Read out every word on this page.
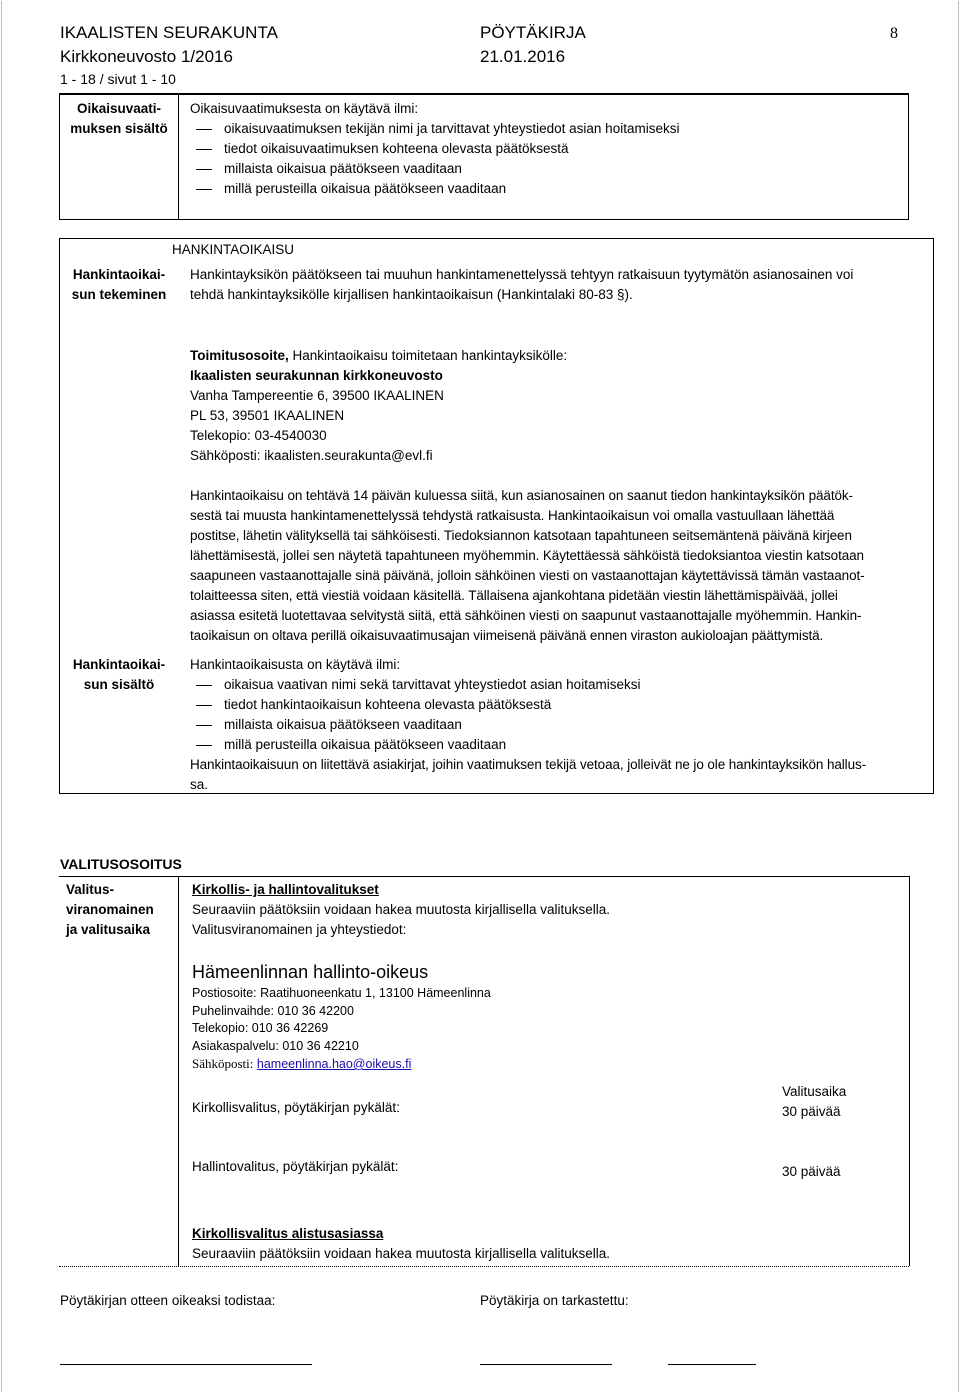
IKAALISTEN SEURAKUNTA	PÖYTÄKIRJA	8
Kirkkoneuvosto 1/2016	21.01.2016
1 - 18 / sivut 1 - 10
Oikaisuvaati-
muksen sisältö
Oikaisuvaatimuksesta on käytävä ilmi:
oikaisuvaatimuksen tekijän nimi ja tarvittavat yhteystiedot asian hoitamiseksi
tiedot oikaisuvaatimuksen kohteena olevasta päätöksestä
millaista oikaisua päätökseen vaaditaan
millä perusteilla oikaisua päätökseen vaaditaan
HANKINTAOIKAISU
Hankintaoikai-
sun tekeminen
Hankintayksikön päätökseen tai muuhun hankintamenettelyssä tehtyyn ratkaisuun tyytymätön asianosainen voi
tehdä hankintayksikölle kirjallisen hankintaoikaisun (Hankintalaki 80-83 §).
Toimitusosoite, Hankintaoikaisu toimitetaan hankintayksikölle:
Ikaalisten seurakunnan kirkkoneuvosto
Vanha Tampereentie 6, 39500 IKAALINEN
PL 53, 39501 IKAALINEN
Telekopio: 03-4540030
Sähköposti: ikaalisten.seurakunta@evl.fi
Hankintaoikaisu on tehtävä 14 päivän kuluessa siitä, kun asianosainen on saanut tiedon hankintayksikön päätök-
sestä tai muusta hankintamenettelyssä tehdystä ratkaisusta. Hankintaoikaisun voi omalla vastuullaan lähettää
postitse, lähetin välityksellä tai sähköisesti. Tiedoksiannon katsotaan tapahtuneen seitsemäntenä päivänä kirjeen
lähettämisestä, jollei sen näytetä tapahtuneen myöhemmin. Käytettäessä sähköistä tiedoksiantoa viestin katsotaan
saapuneen vastaanottajalle sinä päivänä, jolloin sähköinen viesti on vastaanottajan käytettävissä tämän vastaanot-
tolaitteessa siten, että viestiä voidaan käsitellä. Tällaisena ajankohtana pidetään viestin lähettämispäivää, jollei
asiassa esitetä luotettavaa selvitystä siitä, että sähköinen viesti on saapunut vastaanottajalle myöhemmin. Hankin-
taoikaisun on oltava perillä oikaisuvaatimusajan viimeisenä päivänä ennen viraston aukioloajan päättymistä.
Hankintaoikai-
sun sisältö
Hankintaoikaisusta on käytävä ilmi:
oikaisua vaativan nimi sekä tarvittavat yhteystiedot asian hoitamiseksi
tiedot hankintaoikaisun kohteena olevasta päätöksestä
millaista oikaisua päätökseen vaaditaan
millä perusteilla oikaisua päätökseen vaaditaan
Hankintaoikaisuun on liitettävä asiakirjat, joihin vaatimuksen tekijä vetoaa, jolleivät ne jo ole hankintayksikön hallus-
sa.
VALITUSOSOITUS
Valitus-
viranomainen
ja valitusaika
Kirkollis- ja hallintovalitukset
Seuraaviin päätöksiin voidaan hakea muutosta kirjallisella valituksella.
Valitusviranomainen ja yhteystiedot:
Hämeenlinnan hallinto-oikeus
Postiosoite: Raatihuoneenkatu 1, 13100 Hämeenlinna
Puhelinvaihde: 010 36 42200
Telekopio: 010 36 42269
Asiakaspalvelu: 010 36 42210
Sähköposti: hameenlinna.hao@oikeus.fi
Valitusaika
Kirkollisvalitus, pöytäkirjan pykälät:	30 päivää
Hallintovalitus, pöytäkirjan pykälät:	30 päivää
Kirkollisvalitus alistusasiassa
Seuraaviin päätöksiin voidaan hakea muutosta kirjallisella valituksella.
Pöytäkirjan otteen oikeaksi todistaa:	Pöytäkirja on tarkastettu:
